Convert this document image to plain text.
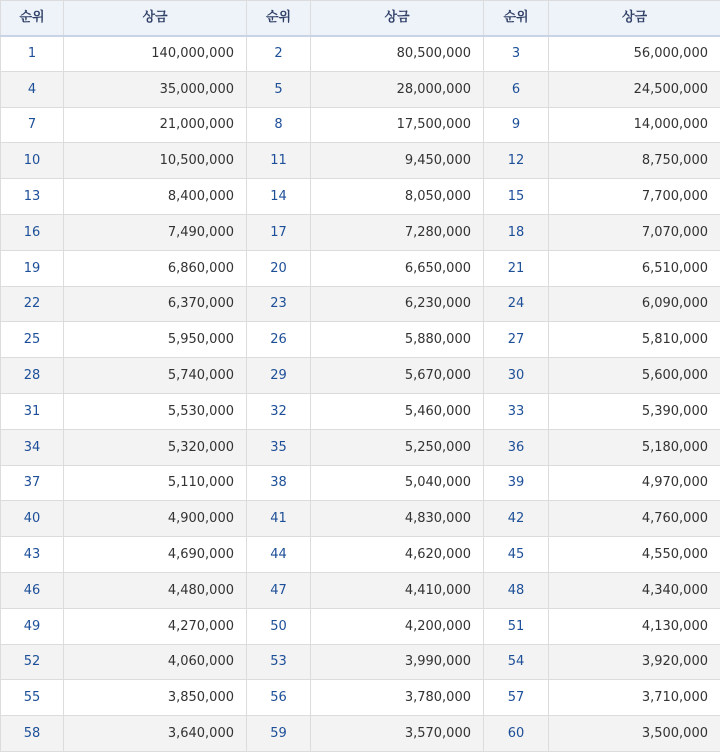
순위	상금	순위	상금	순위	상금
1	140,000,000	2	80,500,000	3	56,000,000
4	35,000,000	5	28,000,000	6	24,500,000
7	21,000,000	8	17,500,000	9	14,000,000
10	10,500,000	11	9,450,000	12	8,750,000
13	8,400,000	14	8,050,000	15	7,700,000
16	7,490,000	17	7,280,000	18	7,070,000
19	6,860,000	20	6,650,000	21	6,510,000
22	6,370,000	23	6,230,000	24	6,090,000
25	5,950,000	26	5,880,000	27	5,810,000
28	5,740,000	29	5,670,000	30	5,600,000
31	5,530,000	32	5,460,000	33	5,390,000
34	5,320,000	35	5,250,000	36	5,180,000
37	5,110,000	38	5,040,000	39	4,970,000
40	4,900,000	41	4,830,000	42	4,760,000
43	4,690,000	44	4,620,000	45	4,550,000
46	4,480,000	47	4,410,000	48	4,340,000
49	4,270,000	50	4,200,000	51	4,130,000
52	4,060,000	53	3,990,000	54	3,920,000
55	3,850,000	56	3,780,000	57	3,710,000
58	3,640,000	59	3,570,000	60	3,500,000
